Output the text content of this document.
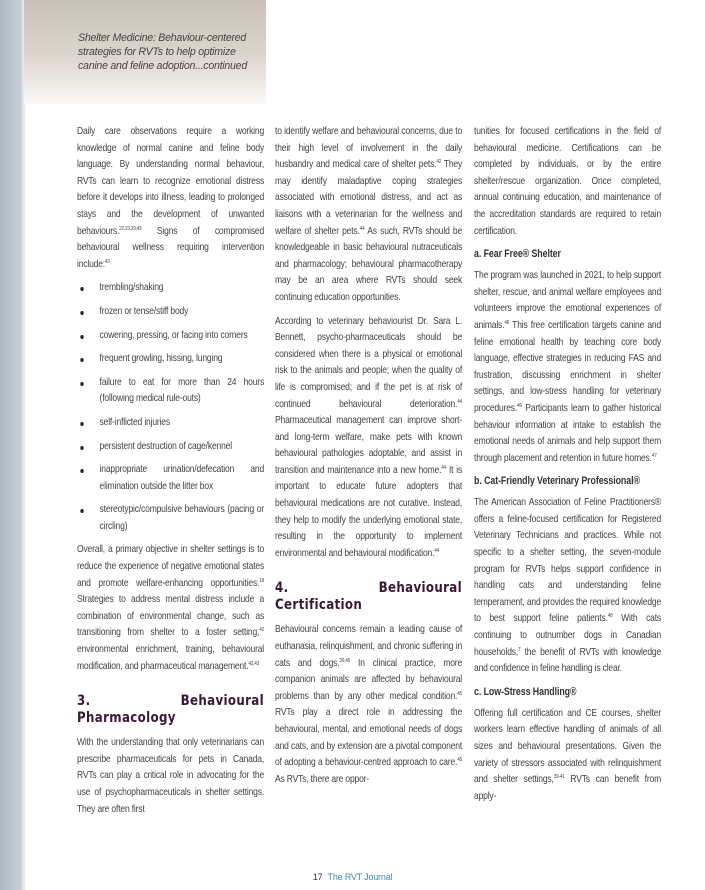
Shelter Medicine: Behaviour-centered strategies for RVTs to help optimize canine and feline adoption...continued

Daily care observations require a working knowledge of normal canine and feline body language. By understanding normal behaviour, RVTs can learn to recognize emotional distress before it develops into illness, leading to prolonged stays and the development of unwanted behaviours.$^{22,23,29,43}$ Signs of compromised behavioural wellness requiring intervention include:$^{43}$

trembling/shaking
frozen or tense/stiff body
cowering, pressing, or facing into corners
frequent growling, hissing, lunging
failure to eat for more than 24 hours (following medical rule-outs)
self-inflicted injuries
persistent destruction of cage/kennel
inappropriate urination/defecation and elimination outside the litter box
stereotypic/compulsive behaviours (pacing or circling)

Overall, a primary objective in shelter settings is to reduce the experience of negative emotional states and promote welfare-enhancing opportunities.$^{18}$ Strategies to address mental distress include a combination of environmental change, such as transitioning from shelter to a foster setting,$^{42}$ environmental enrichment, training, behavioural modification, and pharmaceutical management.$^{42,43}$

3. Behavioural Pharmacology

With the understanding that only veterinarians can prescribe pharmaceuticals for pets in Canada, RVTs can play a critical role in advocating for the use of psychopharmaceuticals in shelter settings. They are often first

to identify welfare and behavioural concerns, due to their high level of involvement in the daily husbandry and medical care of shelter pets.$^{42}$ They may identify maladaptive coping strategies associated with emotional distress, and act as liaisons with a veterinarian for the wellness and welfare of shelter pets.$^{44}$ As such, RVTs should be knowledgeable in basic behavioural nutraceuticals and pharmacology; behavioural pharmacotherapy may be an area where RVTs should seek continuing education opportunities.

According to veterinary behaviourist Dr. Sara L. Bennett, psycho-pharmaceuticals should be considered when there is a physical or emotional risk to the animals and people; when the quality of life is compromised; and if the pet is at risk of continued behavioural deterioration.$^{44}$ Pharmaceutical management can improve short- and long-term welfare, make pets with known behavioural pathologies adoptable, and assist in transition and maintenance into a new home.$^{44}$ It is important to educate future adopters that behavioural medications are not curative. Instead, they help to modify the underlying emotional state, resulting in the opportunity to implement environmental and behavioural modification.$^{44}$

4. Behavioural Certification

Behavioural concerns remain a leading cause of euthanasia, relinquishment, and chronic suffering in cats and dogs.$^{39,45}$ In clinical practice, more companion animals are affected by behavioural problems than by any other medical condition.$^{45}$ RVTs play a direct role in addressing the behavioural, mental, and emotional needs of dogs and cats, and by extension are a pivotal component of adopting a behaviour-centred approach to care.$^{45}$ As RVTs, there are oppor-

tunities for focused certifications in the field of behavioural medicine. Certifications can be completed by individuals, or by the entire shelter/rescue organization. Once completed, annual continuing education, and maintenance of the accreditation standards are required to retain certification.

a. Fear Free® Shelter

The program was launched in 2021, to help support shelter, rescue, and animal welfare employees and volunteers improve the emotional experiences of animals.$^{46}$ This free certification targets canine and feline emotional health by teaching core body language, effective strategies in reducing FAS and frustration, discussing enrichment in shelter settings, and low-stress handling for veterinary procedures.$^{46}$ Participants learn to gather historical behaviour information at intake to establish the emotional needs of animals and help support them through placement and retention in future homes.$^{47}$

b. Cat-Friendly Veterinary Professional®

The American Association of Feline Practitioners® offers a feline-focused certification for Registered Veterinary Technicians and practices. While not specific to a shelter setting, the seven-module program for RVTs helps support confidence in handling cats and understanding feline temperament, and provides the required knowledge to best support feline patients.$^{48}$ With cats continuing to outnumber dogs in Canadian households,$^7$ the benefit of RVTs with knowledge and confidence in feline handling is clear.

c. Low-Stress Handling®

Offering full certification and CE courses, shelter workers learn effective handling of animals of all sizes and behavioural presentations. Given the variety of stressors associated with relinquishment and shelter settings,$^{39-41}$ RVTs can benefit from apply-

17 The RVT Journal
